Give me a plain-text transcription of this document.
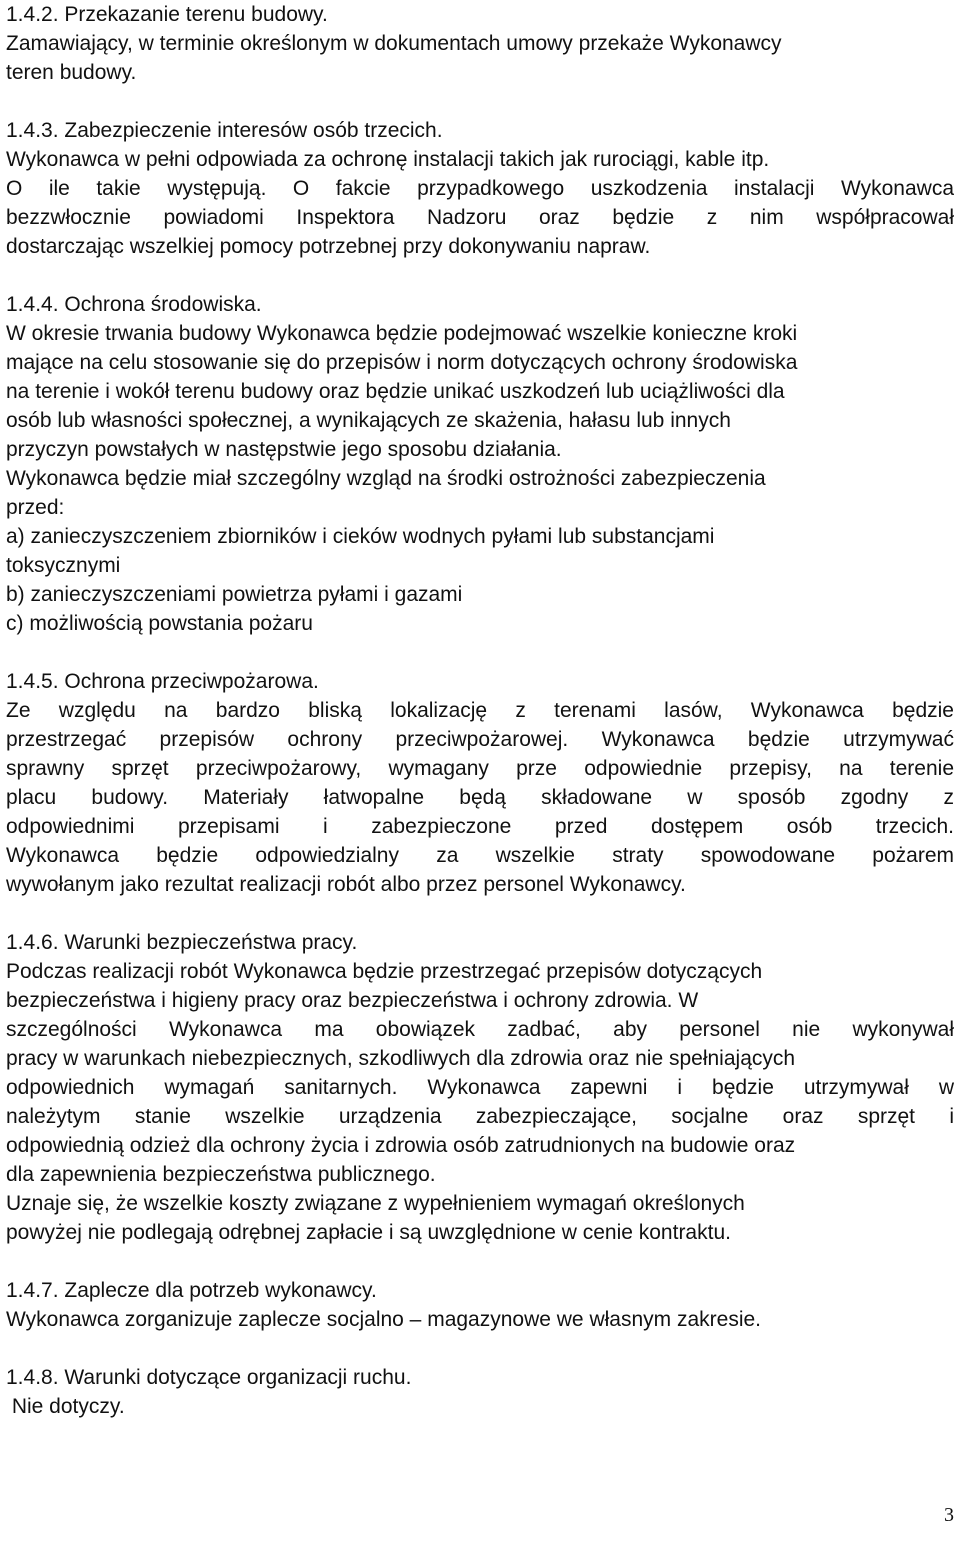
1.4.2. Przekazanie terenu budowy.
Zamawiający, w terminie określonym w dokumentach umowy przekaże Wykonawcy
teren budowy.
1.4.3. Zabezpieczenie interesów osób trzecich.
Wykonawca w pełni odpowiada za ochronę instalacji takich jak rurociągi, kable itp.
O ile takie występują. O fakcie przypadkowego uszkodzenia instalacji Wykonawca
bezzwłocznie powiadomi Inspektora Nadzoru oraz będzie z nim współpracował
dostarczając wszelkiej pomocy potrzebnej przy dokonywaniu napraw.
1.4.4. Ochrona środowiska.
W okresie trwania budowy Wykonawca będzie podejmować wszelkie konieczne kroki
mające na celu stosowanie się do przepisów i norm dotyczących ochrony środowiska
na terenie i wokół terenu budowy oraz będzie unikać uszkodzeń lub uciążliwości dla
osób lub własności społecznej, a wynikających ze skażenia, hałasu lub innych
przyczyn powstałych w następstwie jego sposobu działania.
Wykonawca będzie miał szczególny wzgląd na środki ostrożności zabezpieczenia
przed:
a) zanieczyszczeniem zbiorników i cieków wodnych pyłami lub substancjami
toksycznymi
b) zanieczyszczeniami powietrza pyłami i gazami
c) możliwością powstania pożaru
1.4.5. Ochrona przeciwpożarowa.
Ze względu na bardzo bliską lokalizację z terenami lasów, Wykonawca będzie
przestrzegać przepisów ochrony przeciwpożarowej. Wykonawca będzie utrzymywać
sprawny sprzęt przeciwpożarowy, wymagany prze odpowiednie przepisy, na terenie
placu budowy. Materiały łatwopalne będą składowane w sposób zgodny z
odpowiednimi przepisami i zabezpieczone przed dostępem osób trzecich.
Wykonawca będzie odpowiedzialny za wszelkie straty spowodowane pożarem
wywołanym jako rezultat realizacji robót albo przez personel Wykonawcy.
1.4.6. Warunki bezpieczeństwa pracy.
Podczas realizacji robót Wykonawca będzie przestrzegać przepisów dotyczących
bezpieczeństwa i higieny pracy oraz bezpieczeństwa i ochrony zdrowia. W
szczególności Wykonawca ma obowiązek zadbać, aby personel nie wykonywał
pracy w warunkach niebezpiecznych, szkodliwych dla zdrowia oraz nie spełniających
odpowiednich wymagań sanitarnych. Wykonawca zapewni i będzie utrzymywał w
należytym stanie wszelkie urządzenia zabezpieczające, socjalne oraz sprzęt i
odpowiednią odzież dla ochrony życia i zdrowia osób zatrudnionych na budowie oraz
dla zapewnienia bezpieczeństwa publicznego.
Uznaje się, że wszelkie koszty związane z wypełnieniem wymagań określonych
powyżej nie podlegają odrębnej zapłacie i są uwzględnione w cenie kontraktu.
1.4.7. Zaplecze dla potrzeb wykonawcy.
Wykonawca zorganizuje zaplecze socjalno – magazynowe we własnym zakresie.
1.4.8. Warunki dotyczące organizacji ruchu.
Nie dotyczy.
3
